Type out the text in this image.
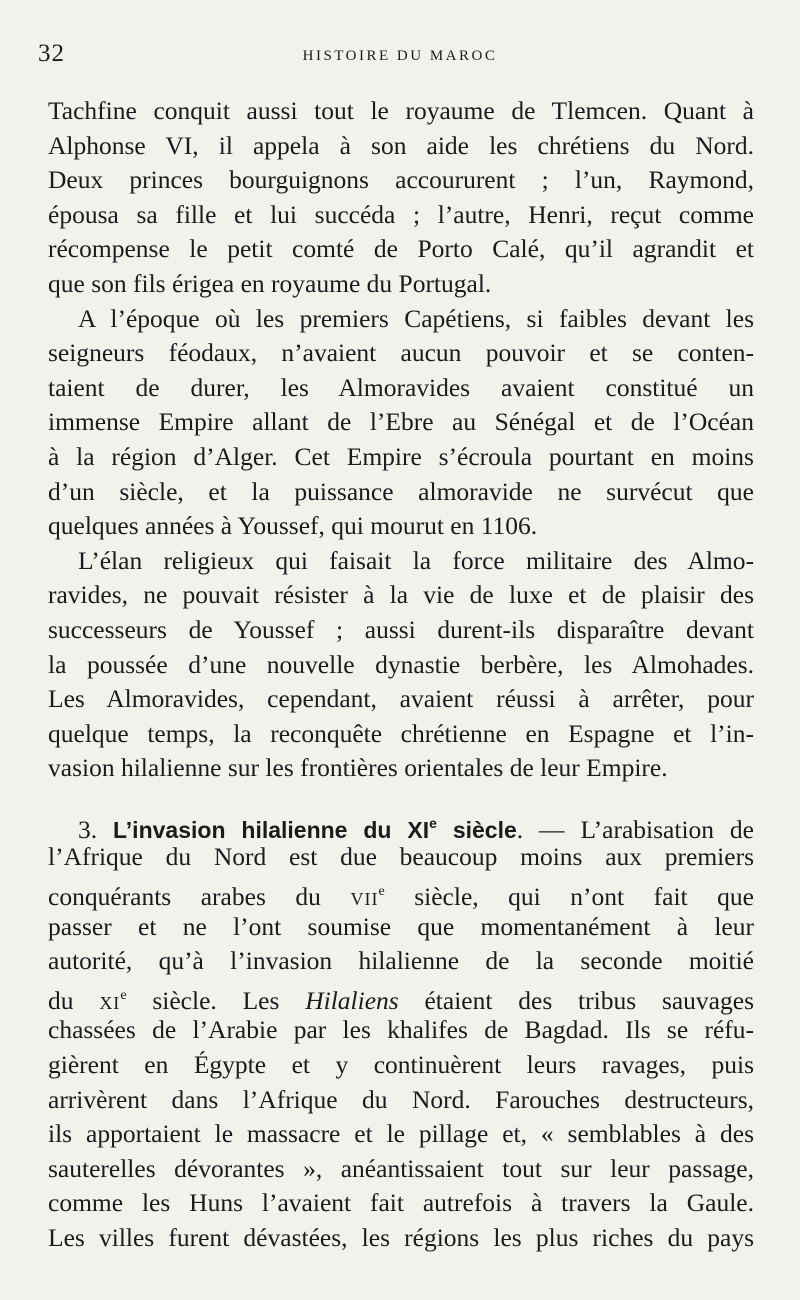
32	HISTOIRE DU MAROC
Tachfine conquit aussi tout le royaume de Tlemcen. Quant à
Alphonse VI, il appela à son aide les chrétiens du Nord.
Deux princes bourguignons accoururent ; l’un, Raymond,
épousa sa fille et lui succéda ; l’autre, Henri, reçut comme
récompense le petit comté de Porto Calé, qu’il agrandit et
que son fils érigea en royaume du Portugal.
A l’époque où les premiers Capétiens, si faibles devant les
seigneurs féodaux, n’avaient aucun pouvoir et se conten-
taient de durer, les Almoravides avaient constitué un
immense Empire allant de l’Ebre au Sénégal et de l’Océan
à la région d’Alger. Cet Empire s’écroula pourtant en moins
d’un siècle, et la puissance almoravide ne survécut que
quelques années à Youssef, qui mourut en 1106.
L’élan religieux qui faisait la force militaire des Almo-
ravides, ne pouvait résister à la vie de luxe et de plaisir des
successeurs de Youssef ; aussi durent-ils disparaître devant
la poussée d’une nouvelle dynastie berbère, les Almohades.
Les Almoravides, cependant, avaient réussi à arrêter, pour
quelque temps, la reconquête chrétienne en Espagne et l’in-
vasion hilalienne sur les frontières orientales de leur Empire.
3. L’invasion hilalienne du XIe siècle. — L’arabisation de
l’Afrique du Nord est due beaucoup moins aux premiers
conquérants arabes du vii$^e$ siècle, qui n’ont fait que
passer et ne l’ont soumise que momentanément à leur
autorité, qu’à l’invasion hilalienne de la seconde moitié
du $xi^e$ siècle. Les Hilaliens étaient des tribus sauvages
chassées de l’Arabie par les khalifes de Bagdad. Ils se réfu-
gièrent en Égypte et y continuèrent leurs ravages, puis
arrivèrent dans l’Afrique du Nord. Farouches destructeurs,
ils apportaient le massacre et le pillage et, « semblables à des
sauterelles dévorantes », anéantissaient tout sur leur passage,
comme les Huns l’avaient fait autrefois à travers la Gaule.
Les villes furent dévastées, les régions les plus riches du pays
